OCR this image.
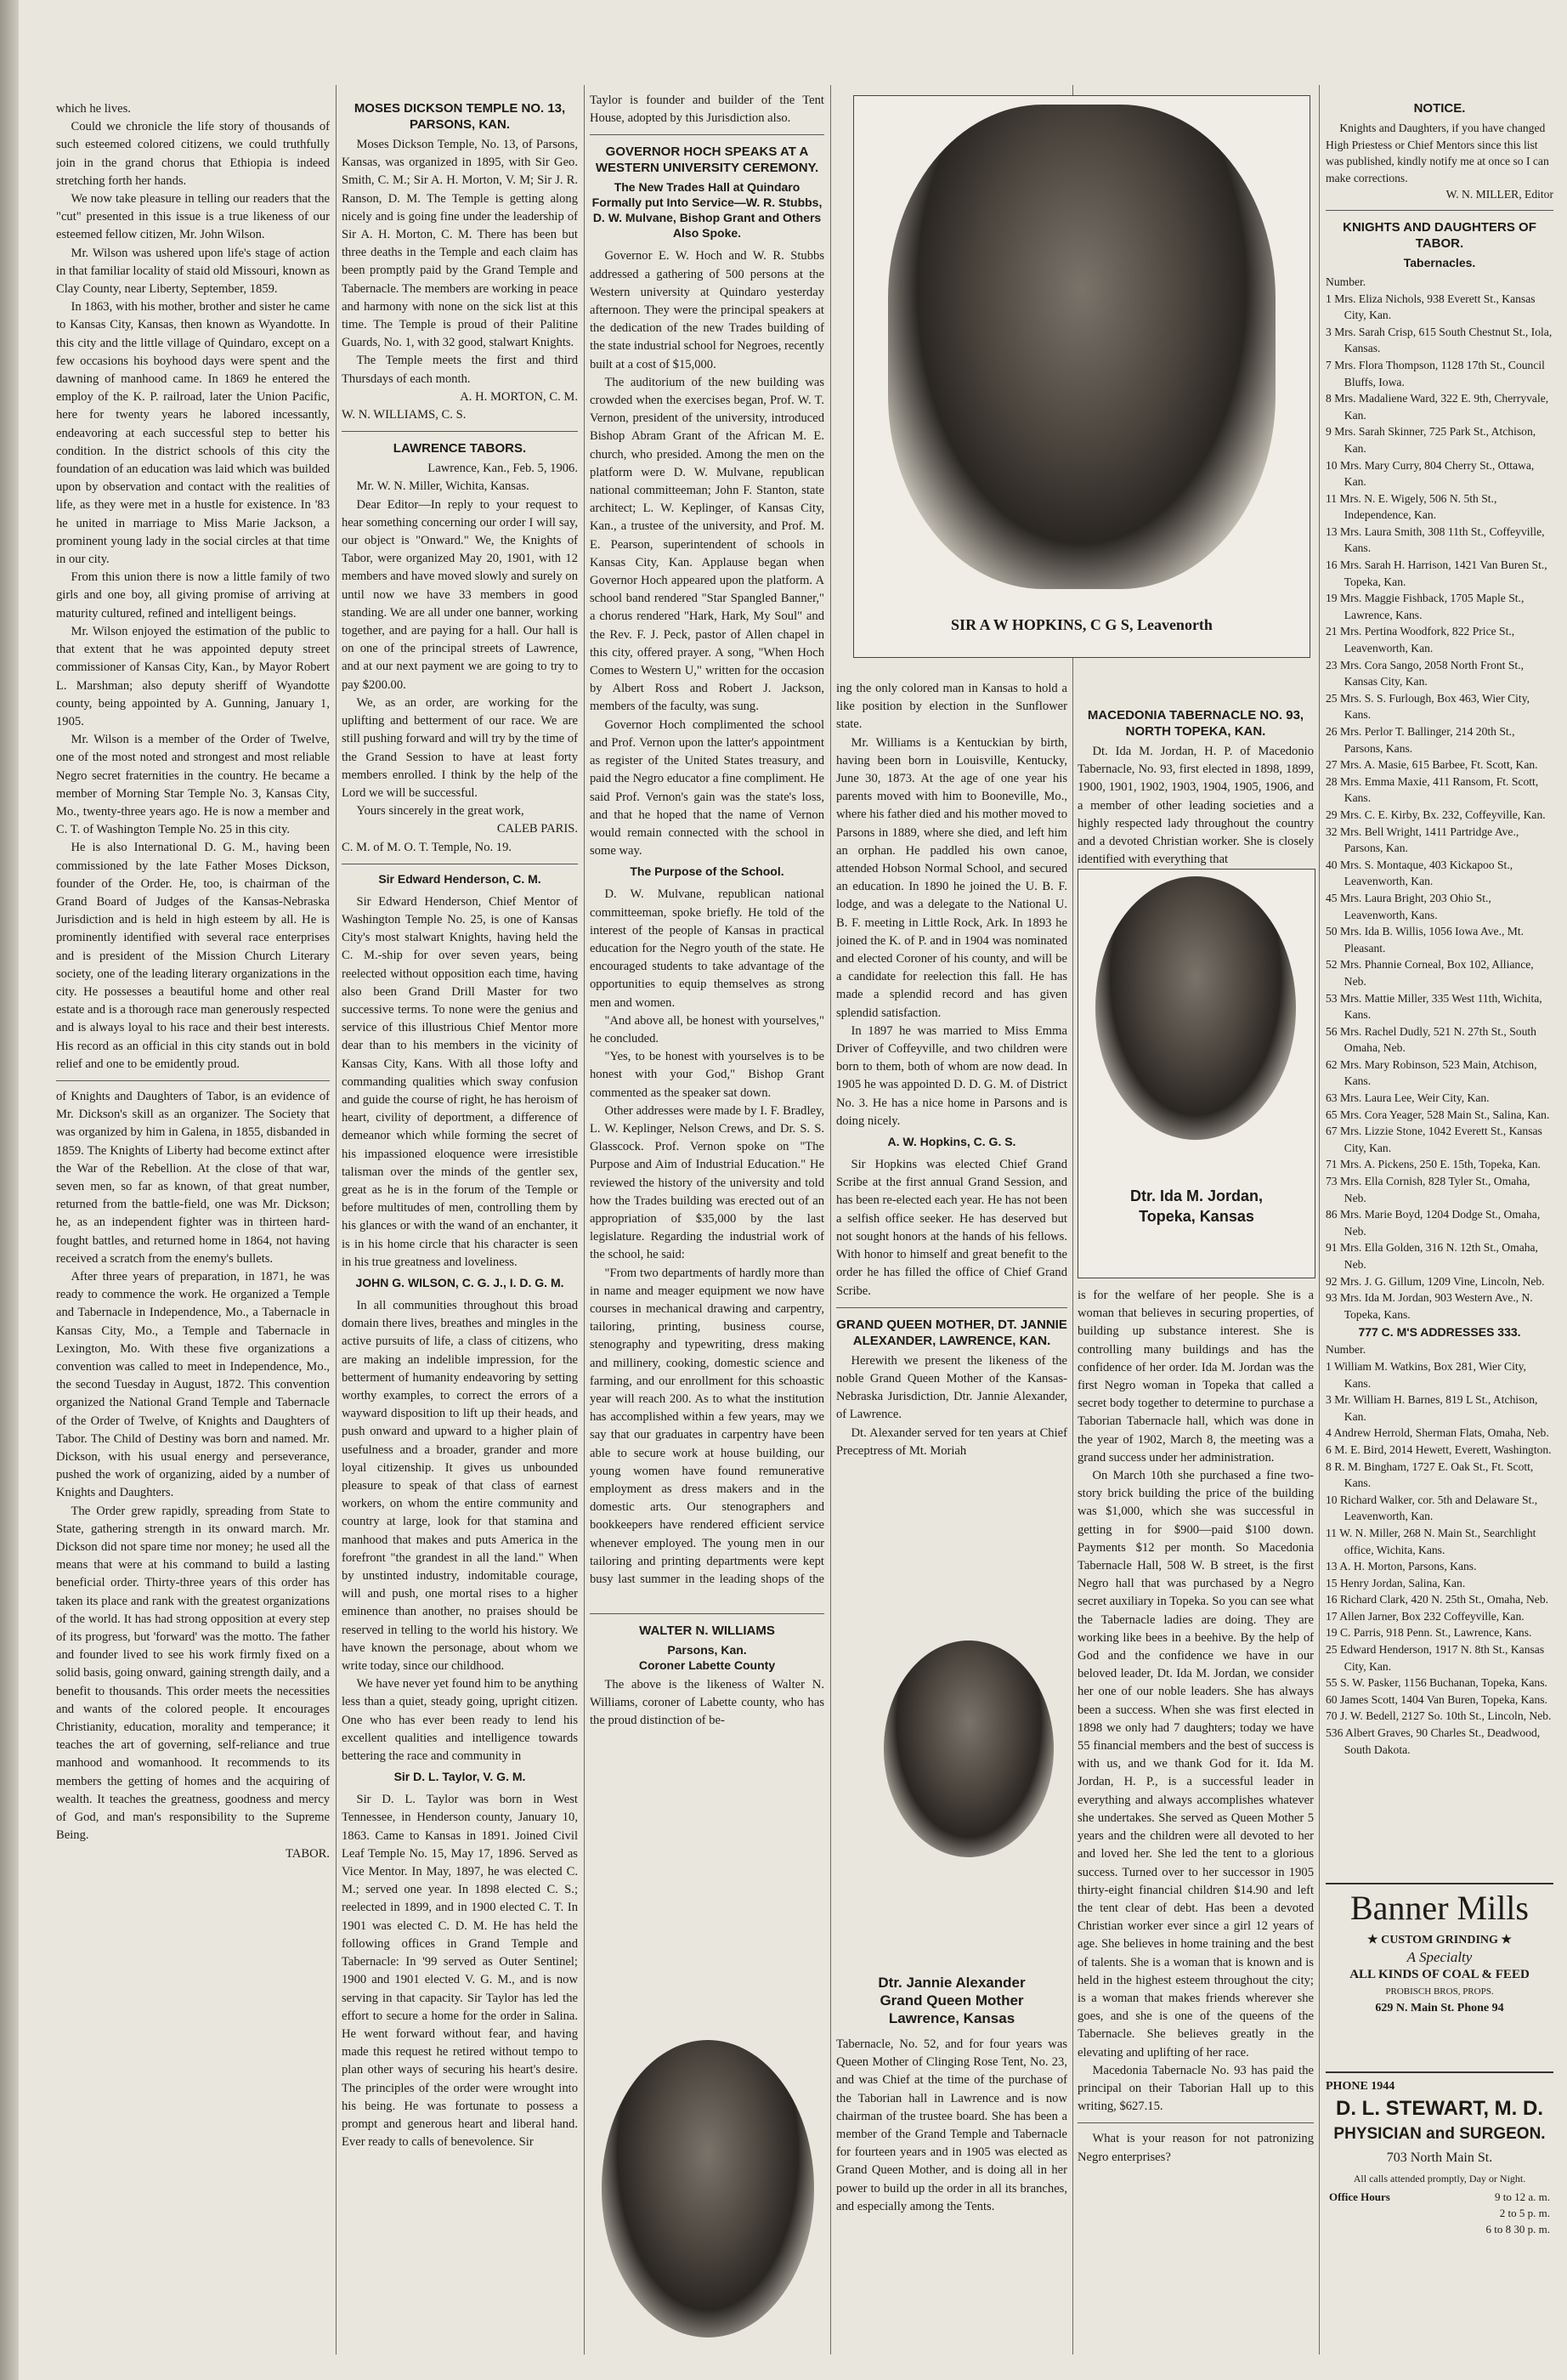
which he lives.

Could we chronicle the life story of thousands of such esteemed colored citizens, we could truthfully join in the grand chorus that Ethiopia is indeed stretching forth her hands.

We now take pleasure in telling our readers that the "cut" presented in this issue is a true likeness of our esteemed fellow citizen, Mr. John Wilson.

Mr. Wilson was ushered upon life's stage of action in that familiar locality of staid old Missouri, known as Clay County, near Liberty, September, 1859.

In 1863, with his mother, brother and sister he came to Kansas City, Kansas, then known as Wyandotte. In this city and the little village of Quindaro, except on a few occasions his boyhood days were spent and the dawning of manhood came. In 1869 he entered the employ of the K. P. railroad, later the Union Pacific, here for twenty years he labored incessantly, endeavoring at each successful step to better his condition. In the district schools of this city the foundation of an education was laid which was builded upon by observation and contact with the realities of life, as they were met in a hustle for existence. In '83 he united in marriage to Miss Marie Jackson, a prominent young lady in the social circles at that time in our city.

From this union there is now a little family of two girls and one boy, all giving promise of arriving at maturity cultured, refined and intelligent beings.

Mr. Wilson enjoyed the estimation of the public to that extent that he was appointed deputy street commissioner of Kansas City, Kan., by Mayor Robert L. Marshman; also deputy sheriff of Wyandotte county, being appointed by A. Gunning, January 1, 1905.

Mr. Wilson is a member of the Order of Twelve, one of the most noted and strongest and most reliable Negro secret fraternities in the country. He became a member of Morning Star Temple No. 3, Kansas City, Mo., twenty-three years ago. He is now a member and C. T. of Washington Temple No. 25 in this city.

He is also International D. G. M., having been commissioned by the late Father Moses Dickson, founder of the Order. He, too, is chairman of the Grand Board of Judges of the Kansas-Nebraska Jurisdiction and is held in high esteem by all. He is prominently identified with several race enterprises and is president of the Mission Church Literary society, one of the leading literary organizations in the city. He possesses a beautiful home and other real estate and is a thorough race man generously respected and is always loyal to his race and their best interests. His record as an official in this city stands out in bold relief and one to be emidently proud.

of Knights and Daughters of Tabor, is an evidence of Mr. Dickson's skill as an organizer. The Society that was organized by him in Galena, in 1855, disbanded in 1859. The Knights of Liberty had become extinct after the War of the Rebellion. At the close of that war, seven men, so far as known, of that great number, returned from the battle-field, one was Mr. Dickson; he, as an independent fighter was in thirteen hard-fought battles, and returned home in 1864, not having received a scratch from the enemy's bullets.

After three years of preparation, in 1871, he was ready to commence the work. He organized a Temple and Tabernacle in Independence, Mo., a Tabernacle in Kansas City, Mo., a Temple and Tabernacle in Lexington, Mo. With these five organizations a convention was called to meet in Independence, Mo., the second Tuesday in August, 1872. This convention organized the National Grand Temple and Tabernacle of the Order of Twelve, of Knights and Daughters of Tabor. The Child of Destiny was born and named. Mr. Dickson, with his usual energy and perseverance, pushed the work of organizing, aided by a number of Knights and Daughters.

The Order grew rapidly, spreading from State to State, gathering strength in its onward march. Mr. Dickson did not spare time nor money; he used all the means that were at his command to build a lasting beneficial order. Thirty-three years of this order has taken its place and rank with the greatest organizations of the world. It has had strong opposition at every step of its progress, but 'forward' was the motto. The father and founder lived to see his work firmly fixed on a solid basis, going onward, gaining strength daily, and a benefit to thousands. This order meets the necessities and wants of the colored people. It encourages Christianity, education, morality and temperance; it teaches the art of governing, self-reliance and true manhood and womanhood. It recommends to its members the getting of homes and the acquiring of wealth. It teaches the greatness, goodness and mercy of God, and man's responsibility to the Supreme Being.

TABOR.

MOSES DICKSON TEMPLE NO. 13, PARSONS, KAN.

Moses Dickson Temple, No. 13, of Parsons, Kansas, was organized in 1895, with Sir Geo. Smith, C. M.; Sir A. H. Morton, V. M; Sir J. R. Ranson, D. M. The Temple is getting along nicely and is going fine under the leadership of Sir A. H. Morton, C. M. There has been but three deaths in the Temple and each claim has been promptly paid by the Grand Temple and Tabernacle. The members are working in peace and harmony with none on the sick list at this time. The Temple is proud of their Palitine Guards, No. 1, with 32 good, stalwart Knights.

The Temple meets the first and third Thursdays of each month.

A. H. MORTON, C. M.

W. N. WILLIAMS, C. S.

LAWRENCE TABORS.

Lawrence, Kan., Feb. 5, 1906.

Mr. W. N. Miller, Wichita, Kansas.

Dear Editor—In reply to your request to hear something concerning our order I will say, our object is "Onward." We, the Knights of Tabor, were organized May 20, 1901, with 12 members and have moved slowly and surely on until now we have 33 members in good standing. We are all under one banner, working together, and are paying for a hall. Our hall is on one of the principal streets of Lawrence, and at our next payment we are going to try to pay $200.00.

We, as an order, are working for the uplifting and betterment of our race. We are still pushing forward and will try by the time of the Grand Session to have at least forty members enrolled. I think by the help of the Lord we will be successful.

Yours sincerely in the great work,

CALEB PARIS.

C. M. of M. O. T. Temple, No. 19.

Sir Edward Henderson, C. M.

Sir Edward Henderson, Chief Mentor of Washington Temple No. 25, is one of Kansas City's most stalwart Knights, having held the C. M.-ship for over seven years, being reelected without opposition each time, having also been Grand Drill Master for two successive terms. To none were the genius and service of this illustrious Chief Mentor more dear than to his members in the vicinity of Kansas City, Kans. With all those lofty and commanding qualities which sway confusion and guide the course of right, he has heroism of heart, civility of deportment, a difference of demeanor which while forming the secret of his impassioned eloquence were irresistible talisman over the minds of the gentler sex, great as he is in the forum of the Temple or before multitudes of men, controlling them by his glances or with the wand of an enchanter, it is in his home circle that his character is seen in his true greatness and loveliness.

JOHN G. WILSON, C. G. J., I. D. G. M.

In all communities throughout this broad domain there lives, breathes and mingles in the active pursuits of life, a class of citizens, who are making an indelible impression, for the betterment of humanity endeavoring by setting worthy examples, to correct the errors of a wayward disposition to lift up their heads, and push onward and upward to a higher plain of usefulness and a broader, grander and more loyal citizenship. It gives us unbounded pleasure to speak of that class of earnest workers, on whom the entire community and country at large, look for that stamina and manhood that makes and puts America in the forefront "the grandest in all the land." When by unstinted industry, indomitable courage, will and push, one mortal rises to a higher eminence than another, no praises should be reserved in telling to the world his history. We have known the personage, about whom we write today, since our childhood.

We have never yet found him to be anything less than a quiet, steady going, upright citizen. One who has ever been ready to lend his excellent qualities and intelligence towards bettering the race and community in

Sir D. L. Taylor, V. G. M.

Sir D. L. Taylor was born in West Tennessee, in Henderson county, January 10, 1863. Came to Kansas in 1891. Joined Civil Leaf Temple No. 15, May 17, 1896. Served as Vice Mentor. In May, 1897, he was elected C. M.; served one year. In 1898 elected C. S.; reelected in 1899, and in 1900 elected C. T. In 1901 was elected C. D. M. He has held the following offices in Grand Temple and Tabernacle: In '99 served as Outer Sentinel; 1900 and 1901 elected V. G. M., and is now serving in that capacity. Sir Taylor has led the effort to secure a home for the order in Salina. He went forward without fear, and having made this request he retired without tempo to plan other ways of securing his heart's desire. The principles of the order were wrought into his being. He was fortunate to possess a prompt and generous heart and liberal hand. Ever ready to calls of benevolence. Sir

Taylor is founder and builder of the Tent House, adopted by this Jurisdiction also.

GOVERNOR HOCH SPEAKS AT A WESTERN UNIVERSITY CEREMONY.
The New Trades Hall at Quindaro Formally put Into Service—W. R. Stubbs, D. W. Mulvane, Bishop Grant and Others Also Spoke.

Governor E. W. Hoch and W. R. Stubbs addressed a gathering of 500 persons at the Western university at Quindaro yesterday afternoon. They were the principal speakers at the dedication of the new Trades building of the state industrial school for Negroes, recently built at a cost of $15,000.

The auditorium of the new building was crowded when the exercises began, Prof. W. T. Vernon, president of the university, introduced Bishop Abram Grant of the African M. E. church, who presided. Among the men on the platform were D. W. Mulvane, republican national committeeman; John F. Stanton, state architect; L. W. Keplinger, of Kansas City, Kan., a trustee of the university, and Prof. M. E. Pearson, superintendent of schools in Kansas City, Kan. Applause began when Governor Hoch appeared upon the platform. A school band rendered "Star Spangled Banner," a chorus rendered "Hark, Hark, My Soul" and the Rev. F. J. Peck, pastor of Allen chapel in this city, offered prayer. A song, "When Hoch Comes to Western U," written for the occasion by Albert Ross and Robert J. Jackson, members of the faculty, was sung.

Governor Hoch complimented the school and Prof. Vernon upon the latter's appointment as register of the United States treasury, and paid the Negro educator a fine compliment. He said Prof. Vernon's gain was the state's loss, and that he hoped that the name of Vernon would remain connected with the school in some way.

The Purpose of the School.

D. W. Mulvane, republican national committeeman, spoke briefly. He told of the interest of the people of Kansas in practical education for the Negro youth of the state. He encouraged students to take advantage of the opportunities to equip themselves as strong men and women.

"And above all, be honest with yourselves," he concluded.

"Yes, to be honest with yourselves is to be honest with your God," Bishop Grant commented as the speaker sat down.

Other addresses were made by I. F. Bradley, L. W. Keplinger, Nelson Crews, and Dr. S. S. Glasscock. Prof. Vernon spoke on "The Purpose and Aim of Industrial Education." He reviewed the history of the university and told how the Trades building was erected out of an appropriation of $35,000 by the last legislature. Regarding the industrial work of the school, he said:

"From two departments of hardly more than in name and meager equipment we now have courses in mechanical drawing and carpentry, tailoring, printing, business course, stenography and typewriting, dress making and millinery, cooking, domestic science and farming, and our enrollment for this schoastic year will reach 200. As to what the institution has accomplished within a few years, may we say that our graduates in carpentry have been able to secure work at house building, our young women have found remunerative employment as dress makers and in the domestic arts. Our stenographers and bookkeepers have rendered efficient service whenever employed. The young men in our tailoring and printing departments were kept busy last summer in the leading shops of the

WALTER N. WILLIAMS
Parsons, Kan.
Coroner Labette County

The above is the likeness of Walter N. Williams, coroner of Labette county, who has the proud distinction of be-

SIR A W HOPKINS, C G S, Leavenorth

ing the only colored man in Kansas to hold a like position by election in the Sunflower state.

Mr. Williams is a Kentuckian by birth, having been born in Louisville, Kentucky, June 30, 1873. At the age of one year his parents moved with him to Booneville, Mo., where his father died and his mother moved to Parsons in 1889, where she died, and left him an orphan. He paddled his own canoe, attended Hobson Normal School, and secured an education. In 1890 he joined the U. B. F. lodge, and was a delegate to the National U. B. F. meeting in Little Rock, Ark. In 1893 he joined the K. of P. and in 1904 was nominated and elected Coroner of his county, and will be a candidate for reelection this fall. He has made a splendid record and has given splendid satisfaction.

In 1897 he was married to Miss Emma Driver of Coffeyville, and two children were born to them, both of whom are now dead. In 1905 he was appointed D. D. G. M. of District No. 3. He has a nice home in Parsons and is doing nicely.

A. W. Hopkins, C. G. S.

Sir Hopkins was elected Chief Grand Scribe at the first annual Grand Session, and has been re-elected each year. He has not been a selfish office seeker. He has deserved but not sought honors at the hands of his fellows. With honor to himself and great benefit to the order he has filled the office of Chief Grand Scribe.

GRAND QUEEN MOTHER, DT. JANNIE ALEXANDER, LAWRENCE, KAN.

Herewith we present the likeness of the noble Grand Queen Mother of the Kansas-Nebraska Jurisdiction, Dtr. Jannie Alexander, of Lawrence.

Dt. Alexander served for ten years at Chief Preceptress of Mt. Moriah

Dtr. Jannie Alexander
Grand Queen Mother
Lawrence, Kansas

Tabernacle, No. 52, and for four years was Queen Mother of Clinging Rose Tent, No. 23, and was Chief at the time of the purchase of the Taborian hall in Lawrence and is now chairman of the trustee board. She has been a member of the Grand Temple and Tabernacle for fourteen years and in 1905 was elected as Grand Queen Mother, and is doing all in her power to build up the order in all its branches, and especially among the Tents.

MACEDONIA TABERNACLE NO. 93, NORTH TOPEKA, KAN.

Dt. Ida M. Jordan, H. P. of Macedonio Tabernacle, No. 93, first elected in 1898, 1899, 1900, 1901, 1902, 1903, 1904, 1905, 1906, and a member of other leading societies and a highly respected lady throughout the country and a devoted Christian worker. She is closely identified with everything that

Dtr. Ida M. Jordan,
Topeka, Kansas

is for the welfare of her people. She is a woman that believes in securing properties, of building up substance interest. She is controlling many buildings and has the confidence of her order. Ida M. Jordan was the first Negro woman in Topeka that called a secret body together to determine to purchase a Taborian Tabernacle hall, which was done in the year of 1902, March 8, the meeting was a grand success under her administration.

On March 10th she purchased a fine two-story brick building the price of the building was $1,000, which she was successful in getting in for $900—paid $100 down. Payments $12 per month. So Macedonia Tabernacle Hall, 508 W. B street, is the first Negro hall that was purchased by a Negro secret auxiliary in Topeka. So you can see what the Tabernacle ladies are doing. They are working like bees in a beehive. By the help of God and the confidence we have in our beloved leader, Dt. Ida M. Jordan, we consider her one of our noble leaders. She has always been a success. When she was first elected in 1898 we only had 7 daughters; today we have 55 financial members and the best of success is with us, and we thank God for it. Ida M. Jordan, H. P., is a successful leader in everything and always accomplishes whatever she undertakes. She served as Queen Mother 5 years and the children were all devoted to her and loved her. She led the tent to a glorious success. Turned over to her successor in 1905 thirty-eight financial children $14.90 and left the tent clear of debt. Has been a devoted Christian worker ever since a girl 12 years of age. She believes in home training and the best of talents. She is a woman that is known and is held in the highest esteem throughout the city; is a woman that makes friends wherever she goes, and she is one of the queens of the Tabernacle. She believes greatly in the elevating and uplifting of her race.

Macedonia Tabernacle No. 93 has paid the principal on their Taborian Hall up to this writing, $627.15.

What is your reason for not patronizing Negro enterprises?

NOTICE.

Knights and Daughters, if you have changed High Priestess or Chief Mentors since this list was published, kindly notify me at once so I can make corrections.

W. N. MILLER, Editor

KNIGHTS AND DAUGHTERS OF TABOR.
Tabernacles.

Number.

1 Mrs. Eliza Nichols, 938 Everett St., Kansas City, Kan.

3 Mrs. Sarah Crisp, 615 South Chestnut St., Iola, Kansas.

7 Mrs. Flora Thompson, 1128 17th St., Council Bluffs, Iowa.

8 Mrs. Madaliene Ward, 322 E. 9th, Cherryvale, Kan.

9 Mrs. Sarah Skinner, 725 Park St., Atchison, Kan.

10 Mrs. Mary Curry, 804 Cherry St., Ottawa, Kan.

11 Mrs. N. E. Wigely, 506 N. 5th St., Independence, Kan.

13 Mrs. Laura Smith, 308 11th St., Coffeyville, Kans.

16 Mrs. Sarah H. Harrison, 1421 Van Buren St., Topeka, Kan.

19 Mrs. Maggie Fishback, 1705 Maple St., Lawrence, Kans.

21 Mrs. Pertina Woodfork, 822 Price St., Leavenworth, Kan.

23 Mrs. Cora Sango, 2058 North Front St., Kansas City, Kan.

25 Mrs. S. S. Furlough, Box 463, Wier City, Kans.

26 Mrs. Perlor T. Ballinger, 214 20th St., Parsons, Kans.

27 Mrs. A. Masie, 615 Barbee, Ft. Scott, Kan.

28 Mrs. Emma Maxie, 411 Ransom, Ft. Scott, Kans.

29 Mrs. C. E. Kirby, Bx. 232, Coffeyville, Kan.

32 Mrs. Bell Wright, 1411 Partridge Ave., Parsons, Kan.

40 Mrs. S. Montaque, 403 Kickapoo St., Leavenworth, Kan.

45 Mrs. Laura Bright, 203 Ohio St., Leavenworth, Kans.

50 Mrs. Ida B. Willis, 1056 Iowa Ave., Mt. Pleasant.

52 Mrs. Phannie Corneal, Box 102, Alliance, Neb.

53 Mrs. Mattie Miller, 335 West 11th, Wichita, Kans.

56 Mrs. Rachel Dudly, 521 N. 27th St., South Omaha, Neb.

62 Mrs. Mary Robinson, 523 Main, Atchison, Kans.

63 Mrs. Laura Lee, Weir City, Kan.

65 Mrs. Cora Yeager, 528 Main St., Salina, Kan.

67 Mrs. Lizzie Stone, 1042 Everett St., Kansas City, Kan.

71 Mrs. A. Pickens, 250 E. 15th, Topeka, Kan.

73 Mrs. Ella Cornish, 828 Tyler St., Omaha, Neb.

86 Mrs. Marie Boyd, 1204 Dodge St., Omaha, Neb.

91 Mrs. Ella Golden, 316 N. 12th St., Omaha, Neb.

92 Mrs. J. G. Gillum, 1209 Vine, Lincoln, Neb.

93 Mrs. Ida M. Jordan, 903 Western Ave., N. Topeka, Kans.

777 C. M'S ADDRESSES 333.

Number.

1 William M. Watkins, Box 281, Wier City, Kans.

3 Mr. William H. Barnes, 819 L St., Atchison, Kan.

4 Andrew Herrold, Sherman Flats, Omaha, Neb.

6 M. E. Bird, 2014 Hewett, Everett, Washington.

8 R. M. Bingham, 1727 E. Oak St., Ft. Scott, Kans.

10 Richard Walker, cor. 5th and Delaware St., Leavenworth, Kan.

11 W. N. Miller, 268 N. Main St., Searchlight office, Wichita, Kans.

13 A. H. Morton, Parsons, Kans.

15 Henry Jordan, Salina, Kan.

16 Richard Clark, 420 N. 25th St., Omaha, Neb.

17 Allen Jarner, Box 232 Coffeyville, Kan.

19 C. Parris, 918 Penn. St., Lawrence, Kans.

25 Edward Henderson, 1917 N. 8th St., Kansas City, Kan.

55 S. W. Pasker, 1156 Buchanan, Topeka, Kans.

60 James Scott, 1404 Van Buren, Topeka, Kans.

70 J. W. Bedell, 2127 So. 10th St., Lincoln, Neb.

536 Albert Graves, 90 Charles St., Deadwood, South Dakota.

Banner Mills

★ CUSTOM GRINDING ★

A Specialty

ALL KINDS OF COAL & FEED

PROBISCH BROS, PROPS.

629 N. Main St. Phone 94

PHONE 1944

D. L. STEWART, M. D.

PHYSICIAN and SURGEON.

703 North Main St.

All calls attended promptly, Day or Night.

Office Hours	9 to 12 a. m.
2 to 5 p. m.
6 to 8 30 p. m.
